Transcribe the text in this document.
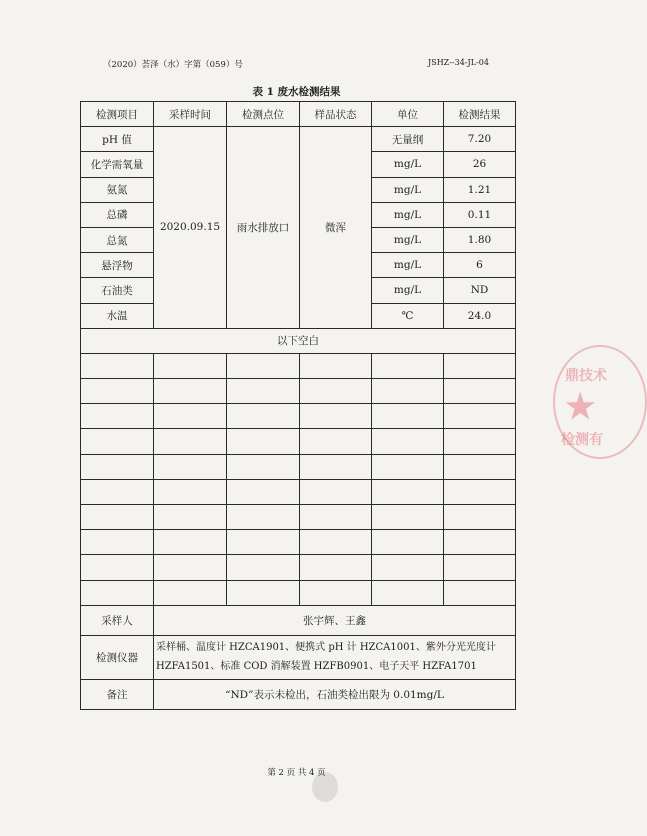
（2020）荟泽（水）字第（059）号	JSHZ--34-JL-04
表 1 废水检测结果
检测项目	采样时间	检测点位	样品状态	单位	检测结果
pH 值	2020.09.15	雨水排放口	微浑	无量纲	7.20
化学需氧量				mg/L	26
氨氮				mg/L	1.21
总磷				mg/L	0.11
总氮				mg/L	1.80
悬浮物				mg/L	6
石油类				mg/L	ND
水温				℃	24.0
以下空白					

采样人	张宇辉、王鑫				
检测仪器	采样桶、温度计 HZCA1901、便携式 pH 计 HZCA1001、紫外分光光度计 HZFA1501、标准 COD 消解装置 HZFB0901、电子天平 HZFA1701				
备注	“ND”表示未检出，石油类检出限为 0.01mg/L				
鼎技术
★
检测有
第 2 页 共 4 页
